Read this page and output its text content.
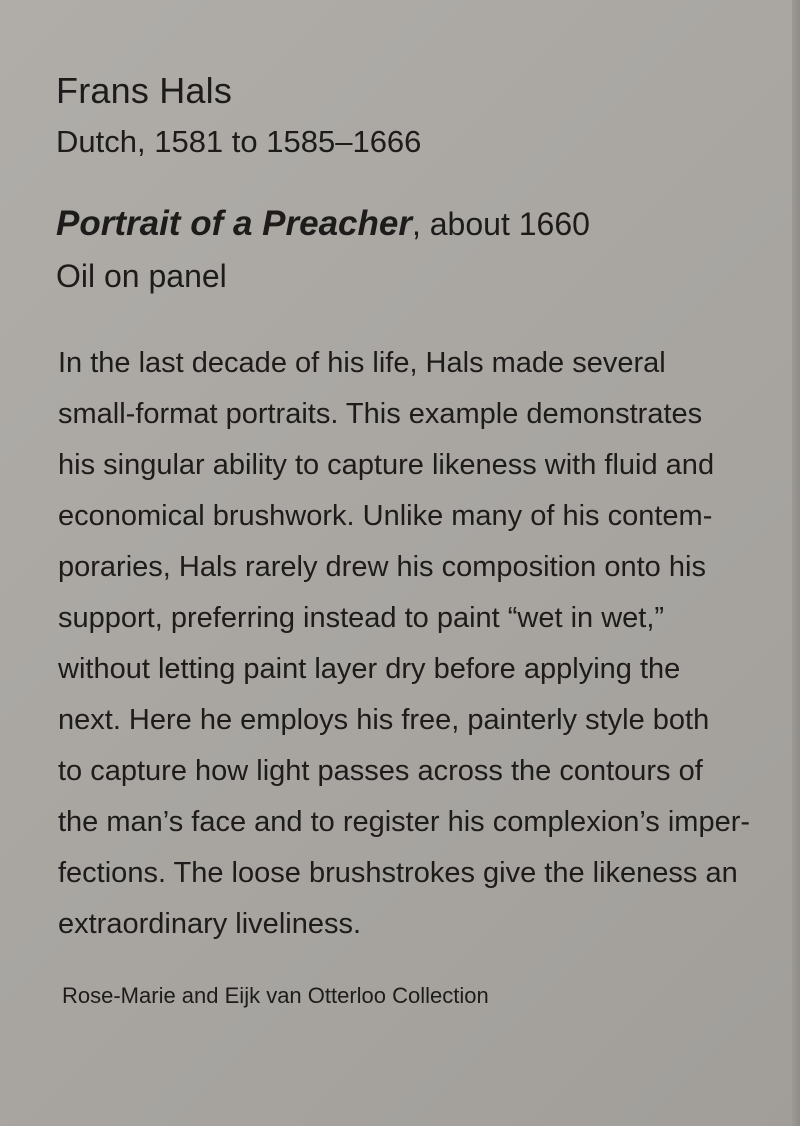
Frans Hals
Dutch, 1581 to 1585–1666
Portrait of a Preacher, about 1660
Oil on panel
In the last decade of his life, Hals made several
small-format portraits. This example demonstrates
his singular ability to capture likeness with fluid and
economical brushwork. Unlike many of his contem-
poraries, Hals rarely drew his composition onto his
support, preferring instead to paint “wet in wet,”
without letting paint layer dry before applying the
next. Here he employs his free, painterly style both
to capture how light passes across the contours of
the man’s face and to register his complexion’s imper-
fections. The loose brushstrokes give the likeness an
extraordinary liveliness.
Rose-Marie and Eijk van Otterloo Collection
